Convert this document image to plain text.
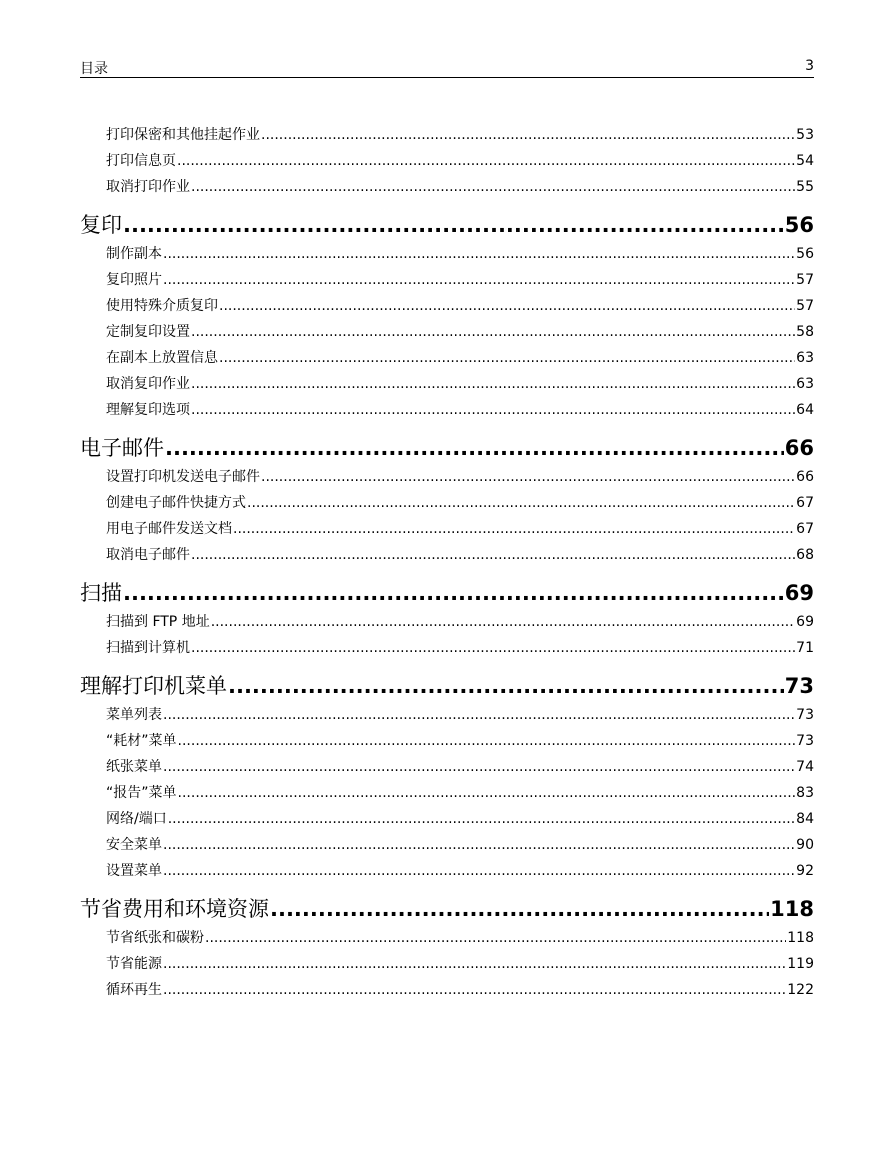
目录	3
打印保密和其他挂起作业 .....	53
打印信息页 .....	54
取消打印作业 .....	55
复印 .....	56
制作副本 .....	56
复印照片 .....	57
使用特殊介质复印 .....	57
定制复印设置 .....	58
在副本上放置信息 .....	63
取消复印作业 .....	63
理解复印选项 .....	64
电子邮件 .....	66
设置打印机发送电子邮件 .....	66
创建电子邮件快捷方式 .....	67
用电子邮件发送文档 .....	67
取消电子邮件 .....	68
扫描 .....	69
扫描到 FTP 地址 .....	69
扫描到计算机 .....	71
理解打印机菜单 .....	73
菜单列表 .....	73
“耗材”菜单 .....	73
纸张菜单 .....	74
“报告”菜单 .....	83
网络/端口 .....	84
安全菜单 .....	90
设置菜单 .....	92
节省费用和环境资源 .....	118
节省纸张和碳粉 .....	118
节省能源 .....	119
循环再生 .....	122
